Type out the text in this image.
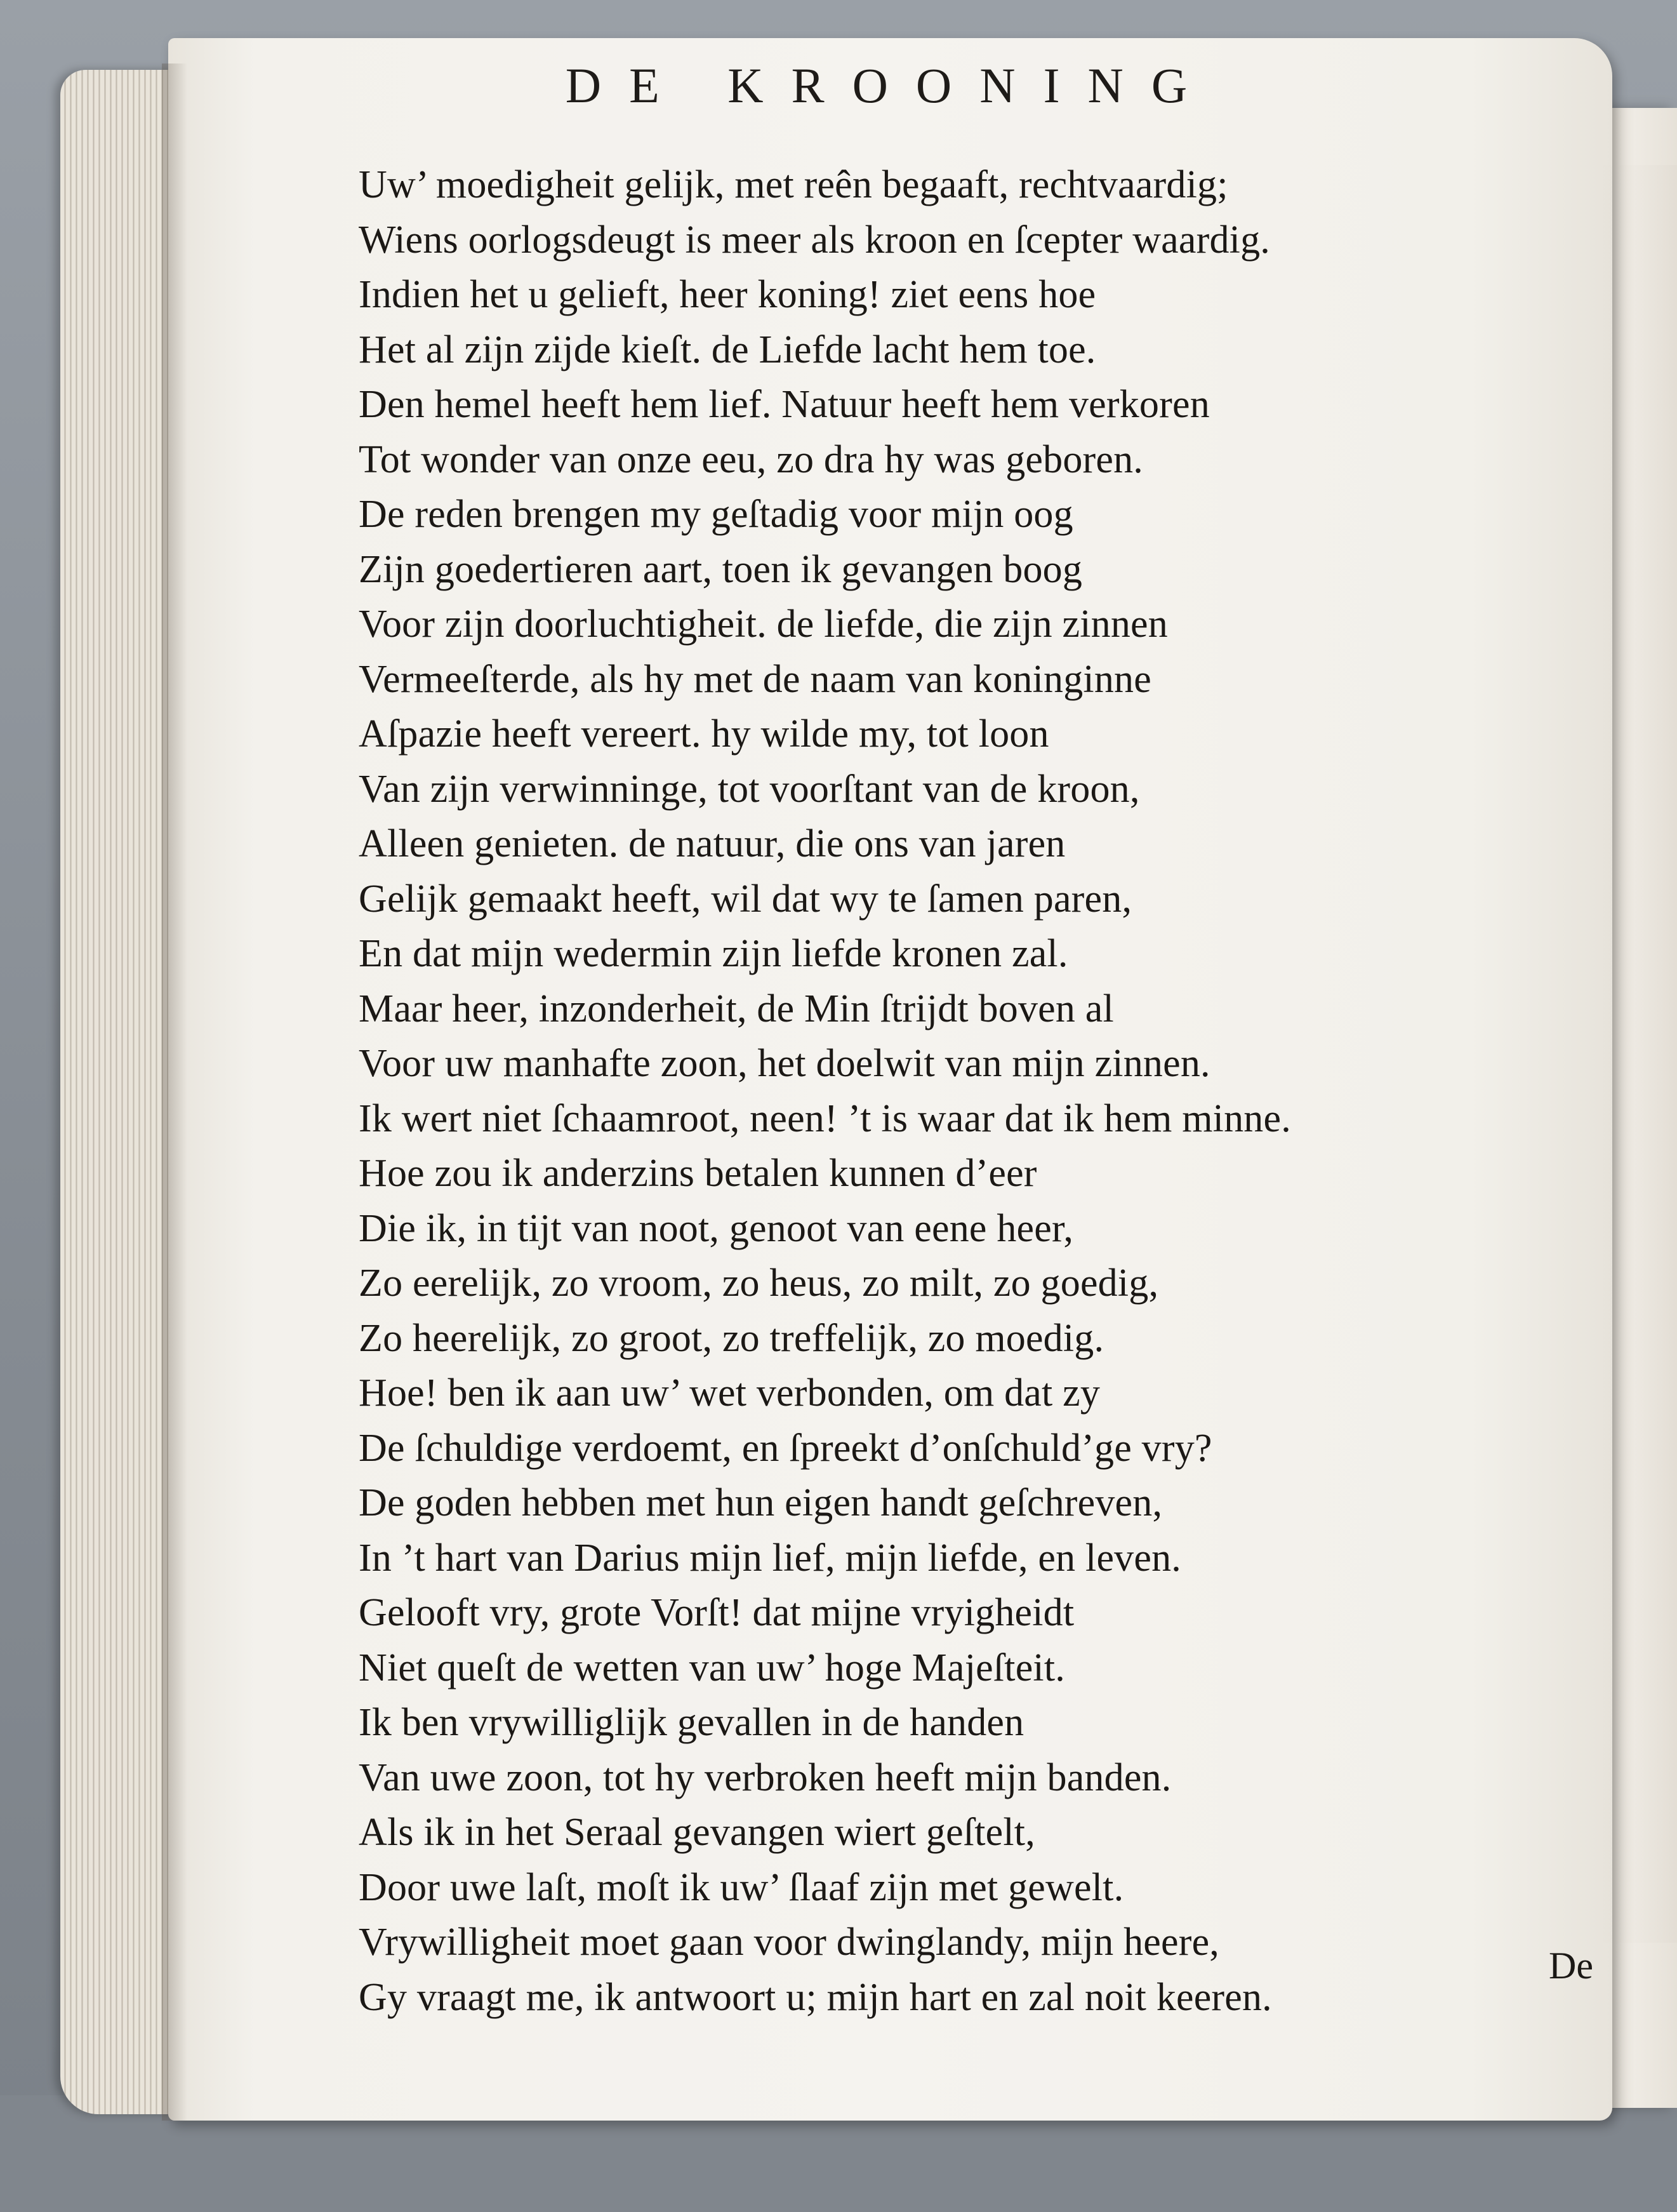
DE KROONING
Uw’ moedigheit gelijk, met reên begaaft, rechtvaardig;
Wiens oorlogsdeugt is meer als kroon en ſcepter waardig.
Indien het u gelieft, heer koning! ziet eens hoe
Het al zijn zijde kieſt. de Liefde lacht hem toe.
Den hemel heeft hem lief. Natuur heeft hem verkoren
Tot wonder van onze eeu, zo dra hy was geboren.
De reden brengen my geſtadig voor mijn oog
Zijn goedertieren aart, toen ik gevangen boog
Voor zijn doorluchtigheit. de liefde, die zijn zinnen
Vermeeſterde, als hy met de naam van koninginne
Aſpazie heeft vereert. hy wilde my, tot loon
Van zijn verwinninge, tot voorſtant van de kroon,
Alleen genieten. de natuur, die ons van jaren
Gelijk gemaakt heeft, wil dat wy te ſamen paren,
En dat mijn wedermin zijn liefde kronen zal.
Maar heer, inzonderheit, de Min ſtrijdt boven al
Voor uw manhafte zoon, het doelwit van mijn zinnen.
Ik wert niet ſchaamroot, neen! ’t is waar dat ik hem minne.
Hoe zou ik anderzins betalen kunnen d’eer
Die ik, in tijt van noot, genoot van eene heer,
Zo eerelijk, zo vroom, zo heus, zo milt, zo goedig,
Zo heerelijk, zo groot, zo treffelijk, zo moedig.
Hoe! ben ik aan uw’ wet verbonden, om dat zy
De ſchuldige verdoemt, en ſpreekt d’onſchuld’ge vry?
De goden hebben met hun eigen handt geſchreven,
In ’t hart van Darius mijn lief, mijn liefde, en leven.
Gelooft vry, grote Vorſt! dat mijne vryigheidt
Niet queſt de wetten van uw’ hoge Majeſteit.
Ik ben vrywilliglijk gevallen in de handen
Van uwe zoon, tot hy verbroken heeft mijn banden.
Als ik in het Seraal gevangen wiert geſtelt,
Door uwe laſt, moſt ik uw’ ſlaaf zijn met gewelt.
Vrywilligheit moet gaan voor dwinglandy, mijn heere,
Gy vraagt me, ik antwoort u; mijn hart en zal noit keeren.
De
